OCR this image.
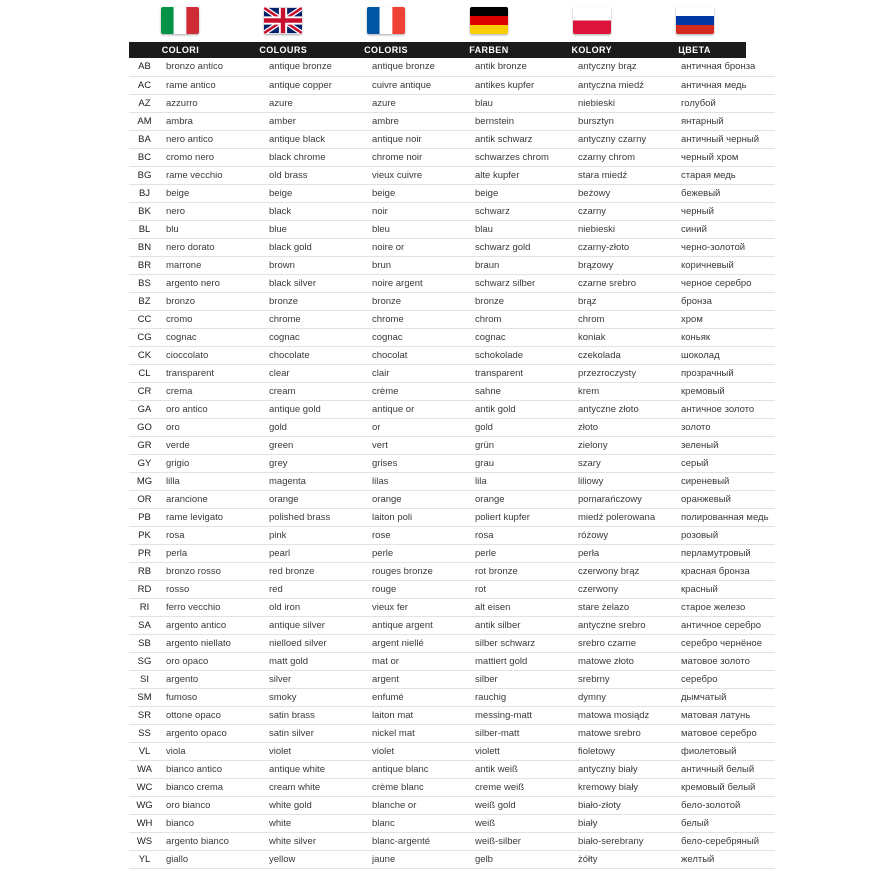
COLORI	COLOURS	COLORIS	FARBEN	KOLORY	ЦВЕТА
AB	bronzo antico	antique bronze	antique bronze	antik bronze	antyczny brąz	античная бронза
AC	rame antico	antique copper	cuivre antique	antikes kupfer	antyczna miedź	античная медь
AZ	azzurro	azure	azure	blau	niebieski	голубой
AM	ambra	amber	ambre	bernstein	bursztyn	янтарный
BA	nero antico	antique black	antique noir	antik schwarz	antyczny czarny	античный черный
BC	cromo nero	black chrome	chrome noir	schwarzes chrom	czarny chrom	черный хром
BG	rame vecchio	old brass	vieux cuivre	alte kupfer	stara miedź	старая медь
BJ	beige	beige	beige	beige	beżowy	бежевый
BK	nero	black	noir	schwarz	czarny	черный
BL	blu	blue	bleu	blau	niebieski	синий
BN	nero dorato	black gold	noire or	schwarz gold	czarny-złoto	черно-золотой
BR	marrone	brown	brun	braun	brązowy	коричневый
BS	argento nero	black silver	noire argent	schwarz silber	czarne srebro	черное серебро
BZ	bronzo	bronze	bronze	bronze	brąz	бронза
CC	cromo	chrome	chrome	chrom	chrom	хром
CG	cognac	cognac	cognac	cognac	koniak	коньяк
CK	cioccolato	chocolate	chocolat	schokolade	czekolada	шоколад
CL	transparent	clear	clair	transparent	przezroczysty	прозрачный
CR	crema	cream	crème	sahne	krem	кремовый
GA	oro antico	antique gold	antique or	antik gold	antyczne złoto	античное золото
GO	oro	gold	or	gold	złoto	золото
GR	verde	green	vert	grün	zielony	зеленый
GY	grigio	grey	grises	grau	szary	серый
MG	lilla	magenta	lilas	lila	liliowy	сиреневый
OR	arancione	orange	orange	orange	pomarańczowy	оранжевый
PB	rame levigato	polished brass	laiton poli	poliert kupfer	miedź polerowana	полированная медь
PK	rosa	pink	rose	rosa	różowy	розовый
PR	perla	pearl	perle	perle	perła	перламутровый
RB	bronzo rosso	red bronze	rouges bronze	rot bronze	czerwony brąz	красная бронза
RD	rosso	red	rouge	rot	czerwony	красный
RI	ferro vecchio	old iron	vieux fer	alt eisen	stare żelazo	старое железо
SA	argento antico	antique silver	antique argent	antik silber	antyczne srebro	античное серебро
SB	argento niellato	nielloed silver	argent niellé	silber schwarz	srebro czarne	серебро чернёное
SG	oro opaco	matt gold	mat or	mattiert gold	matowe złoto	матовое золото
SI	argento	silver	argent	silber	srebrny	серебро
SM	fumoso	smoky	enfumé	rauchig	dymny	дымчатый
SR	ottone opaco	satin brass	laiton mat	messing-matt	matowa mosiądz	матовая латунь
SS	argento opaco	satin silver	nickel mat	silber-matt	matowe srebro	матовое серебро
VL	viola	violet	violet	violett	fioletowy	фиолетовый
WA	bianco antico	antique white	antique blanc	antik weiß	antyczny biały	античный белый
WC	bianco crema	cream white	crème blanc	creme weiß	kremowy biały	кремовый белый
WG	oro bianco	white gold	blanche or	weiß gold	biało-złoty	бело-золотой
WH	bianco	white	blanc	weiß	biały	белый
WS	argento bianco	white silver	blanc-argenté	weiß-silber	biało-serebrany	бело-серебряный
YL	giallo	yellow	jaune	gelb	żółty	желтый
